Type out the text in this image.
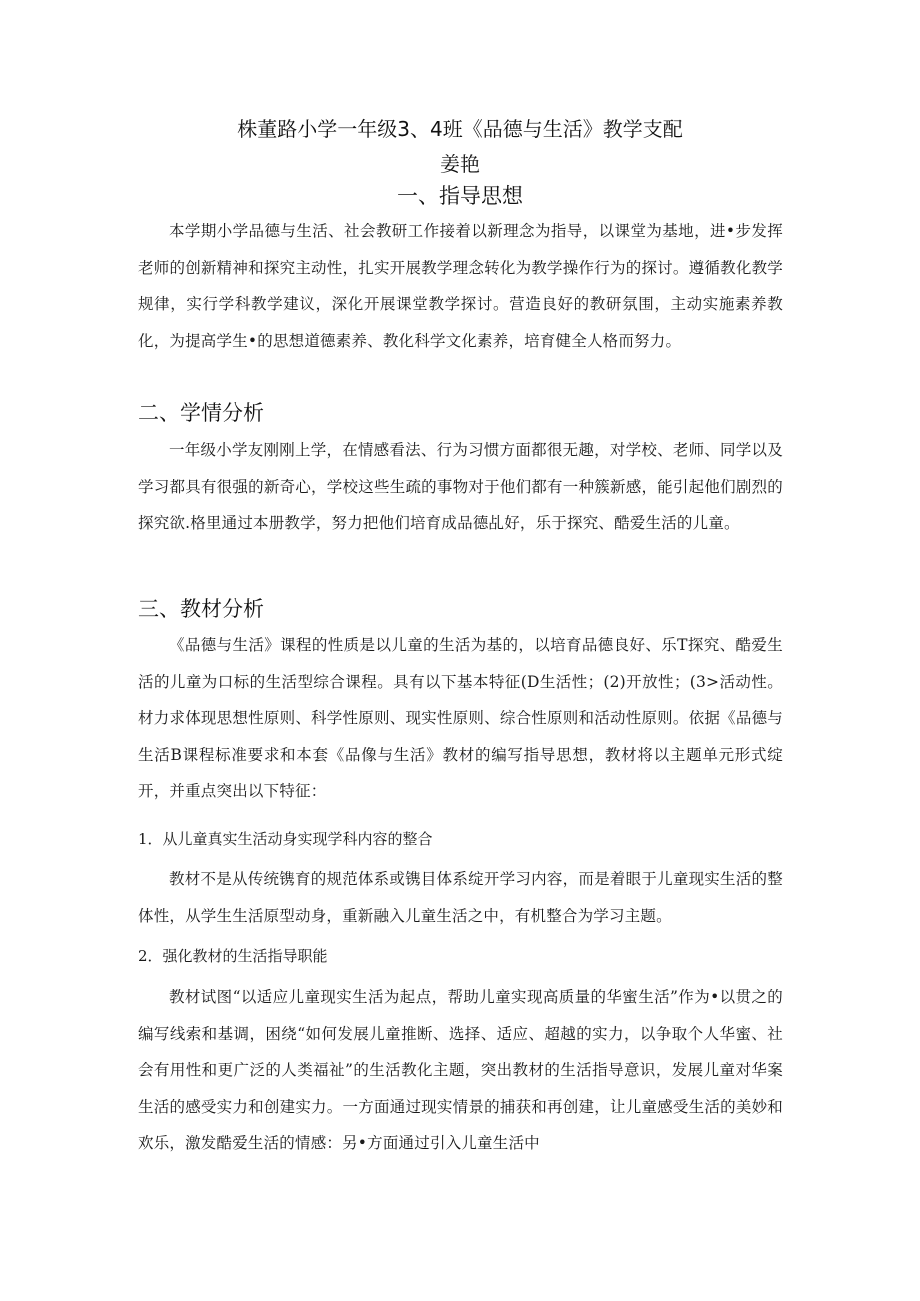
株董路小学一年级3、4班《品德与生活》教学支配
姜艳
一、指导思想

本学期小学品德与生活、社会教研工作接着以新理念为指导，以课堂为基地，进•步发挥老师的创新精神和探究主动性，扎实开展教学理念转化为教学操作行为的探讨。遵循教化教学规律，实行学科教学建议，深化开展课堂教学探讨。营造良好的教研氛围，主动实施素养教化，为提高学生•的思想道德素养、教化科学文化素养，培育健全人格而努力。

二、学情分析

一年级小学友刚刚上学，在情感看法、行为习惯方面都很无趣，对学校、老师、同学以及学习都具有很强的新奇心，学校这些生疏的事物对于他们都有一种簇新感，能引起他们剧烈的探究欲.格里通过本册教学，努力把他们培育成品德乩好，乐于探究、酷爱生活的儿童。

三、教材分析

《品德与生活》课程的性质是以儿童的生活为基的，以培育品德良好、乐T探究、酷爱生活的儿童为口标的生活型综合课程。具有以下基本特征(D生活性；(2)开放性；(3>活动性。材力求体现思想性原则、科学性原则、现实性原则、综合性原则和活动性原则。依据《品德与生活B课程标准要求和本套《品像与生活》教材的编写指导思想，教材将以主题单元形式绽开，并重点突出以下特征：

1．从儿童真实生活动身实现学科内容的整合

教材不是从传统镌育的规范体系或镌目体系绽开学习内容，而是着眼于儿童现实生活的整体性，从学生生活原型动身，重新融入儿童生活之中，有机整合为学习主题。

2．强化教材的生活指导职能

教材试图“以适应儿童现实生活为起点，帮助儿童实现高质量的华蜜生活”作为•以贯之的编写线索和基调，困绕“如何发展儿童推断、选择、适应、超越的实力，以争取个人华蜜、社会有用性和更广泛的人类福祉”的生活教化主题，突出教材的生活指导意识，发展儿童对华案生活的感受实力和创建实力。一方面通过现实情景的捕获和再创建，让儿童感受生活的美妙和欢乐，激发酷爱生活的情感：另•方面通过引入儿童生活中
